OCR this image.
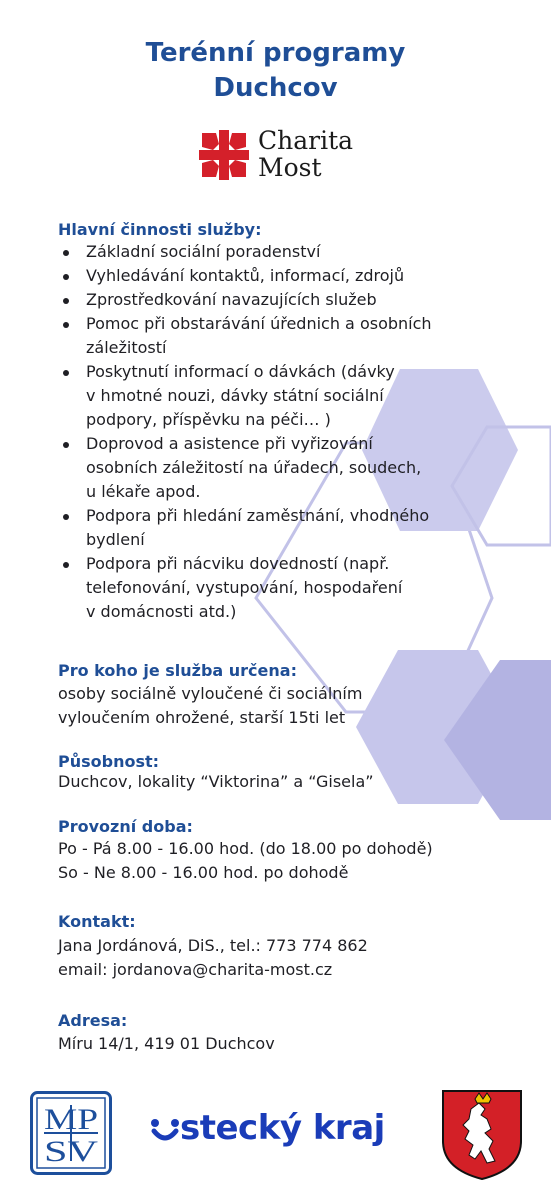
Terénní programy
Duchcov
Charita
Most
Hlavní činnosti služby:
Základní sociální poradenství
Vyhledávání kontaktů, informací, zdrojů
Zprostředkování navazujících služeb
Pomoc při obstarávání úřednich a osobních
záležitostí
Poskytnutí informací o dávkách (dávky
v hmotné nouzi, dávky státní sociální
podpory, příspěvku na péči… )
Doprovod a asistence při vyřizování
osobních záležitostí na úřadech, soudech,
u lékaře apod.
Podpora při hledání zaměstnání, vhodného
bydlení
Podpora při nácviku dovedností (např.
telefonování, vystupování, hospodaření
v domácnosti atd.)
Pro koho je služba určena:
osoby sociálně vyloučené či sociálním
vyloučením ohrožené, starší 15ti let
Působnost:
Duchcov, lokality “Viktorina” a “Gisela”
Provozní doba:
Po - Pá 8.00 - 16.00 hod. (do 18.00 po dohodě)
So - Ne 8.00 - 16.00 hod. po dohodě
Kontakt:
Jana Jordánová, DiS., tel.: 773 774 862
email: jordanova@charita-most.cz
Adresa:
Míru 14/1, 419 01 Duchcov
MP
SV
stecký kraj
